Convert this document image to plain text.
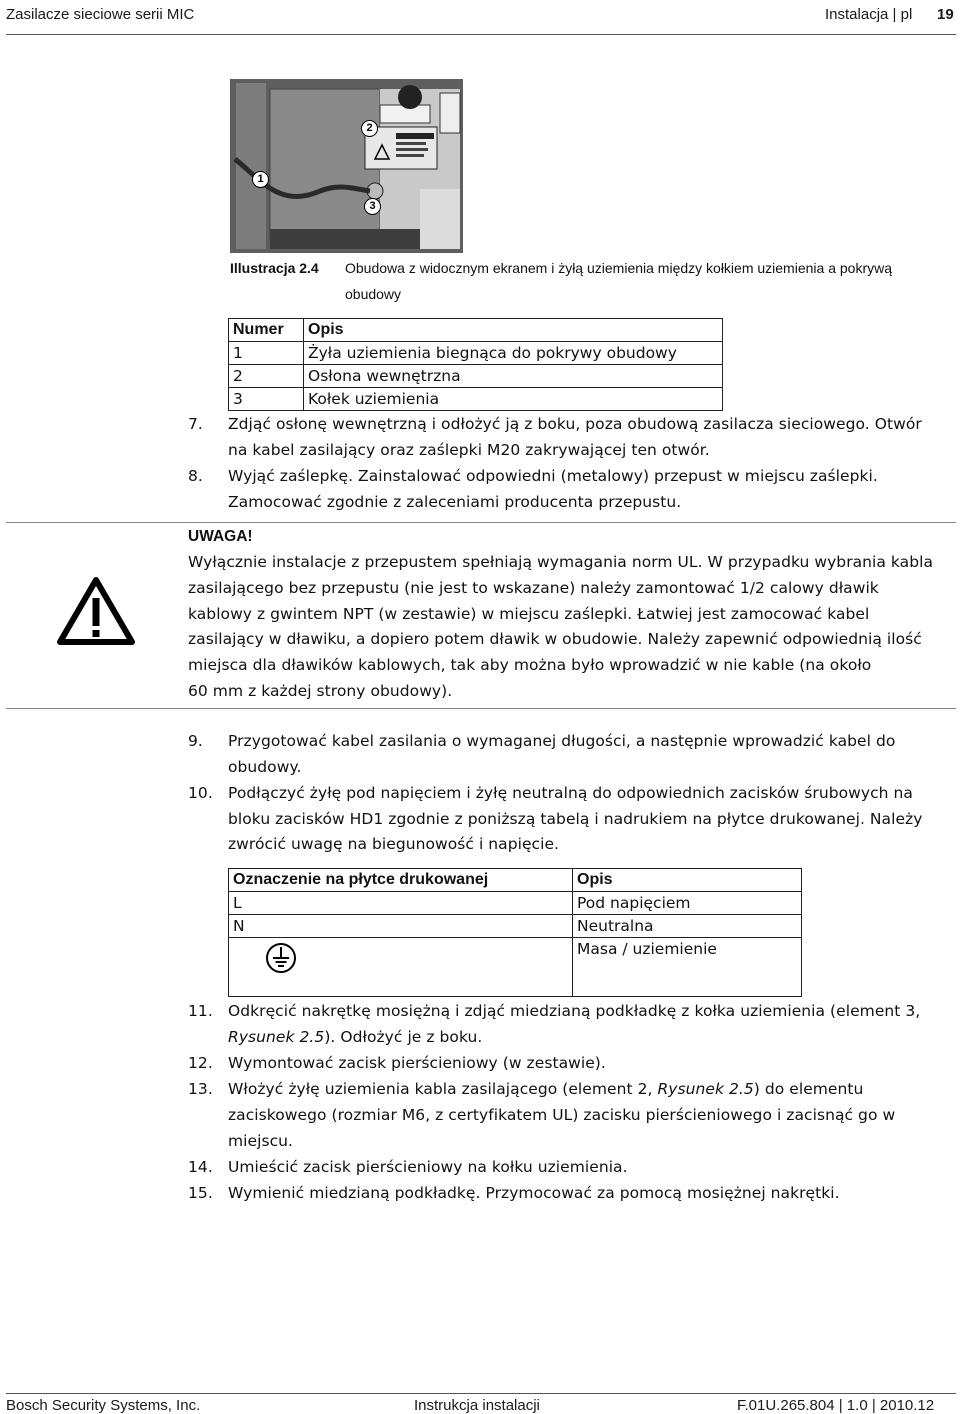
Zasilacze sieciowe serii MIC	Instalacja | pl 19
1
2
3
Illustracja 2.4 Obudowa z widocznym ekranem i żyłą uziemienia między kołkiem uziemienia a pokrywą
obudowy
Numer	Opis
1	Żyła uziemienia biegnąca do pokrywy obudowy
2	Osłona wewnętrzna
3	Kołek uziemienia
7.	Zdjąć osłonę wewnętrzną i odłożyć ją z boku, poza obudową zasilacza sieciowego. Otwór
na kabel zasilający oraz zaślepki M20 zakrywającej ten otwór.
8.	Wyjąć zaślepkę. Zainstalować odpowiedni (metalowy) przepust w miejscu zaślepki.
Zamocować zgodnie z zaleceniami producenta przepustu.
UWAGA!
Wyłącznie instalacje z przepustem spełniają wymagania norm UL. W przypadku wybrania kabla
zasilającego bez przepustu (nie jest to wskazane) należy zamontować 1/2 calowy dławik
kablowy z gwintem NPT (w zestawie) w miejscu zaślepki. Łatwiej jest zamocować kabel
zasilający w dławiku, a dopiero potem dławik w obudowie. Należy zapewnić odpowiednią ilość
miejsca dla dławików kablowych, tak aby można było wprowadzić w nie kable (na około
60 mm z każdej strony obudowy).
9.	Przygotować kabel zasilania o wymaganej długości, a następnie wprowadzić kabel do
obudowy.
10. Podłączyć żyłę pod napięciem i żyłę neutralną do odpowiednich zacisków śrubowych na
bloku zacisków HD1 zgodnie z poniższą tabelą i nadrukiem na płytce drukowanej. Należy
zwrócić uwagę na biegunowość i napięcie.
Oznaczenie na płytce drukowanej	Opis
L	Pod napięciem
N	Neutralna
	Masa / uziemienie
11. Odkręcić nakrętkę mosiężną i zdjąć miedzianą podkładkę z kołka uziemienia (element 3,
Rysunek 2.5). Odłożyć je z boku.
12. Wymontować zacisk pierścieniowy (w zestawie).
13. Włożyć żyłę uziemienia kabla zasilającego (element 2, Rysunek 2.5) do elementu
zaciskowego (rozmiar M6, z certyfikatem UL) zacisku pierścieniowego i zacisnąć go w
miejscu.
14. Umieścić zacisk pierścieniowy na kołku uziemienia.
15. Wymienić miedzianą podkładkę. Przymocować za pomocą mosiężnej nakrętki.
Bosch Security Systems, Inc.	Instrukcja instalacji	F.01U.265.804 | 1.0 | 2010.12
